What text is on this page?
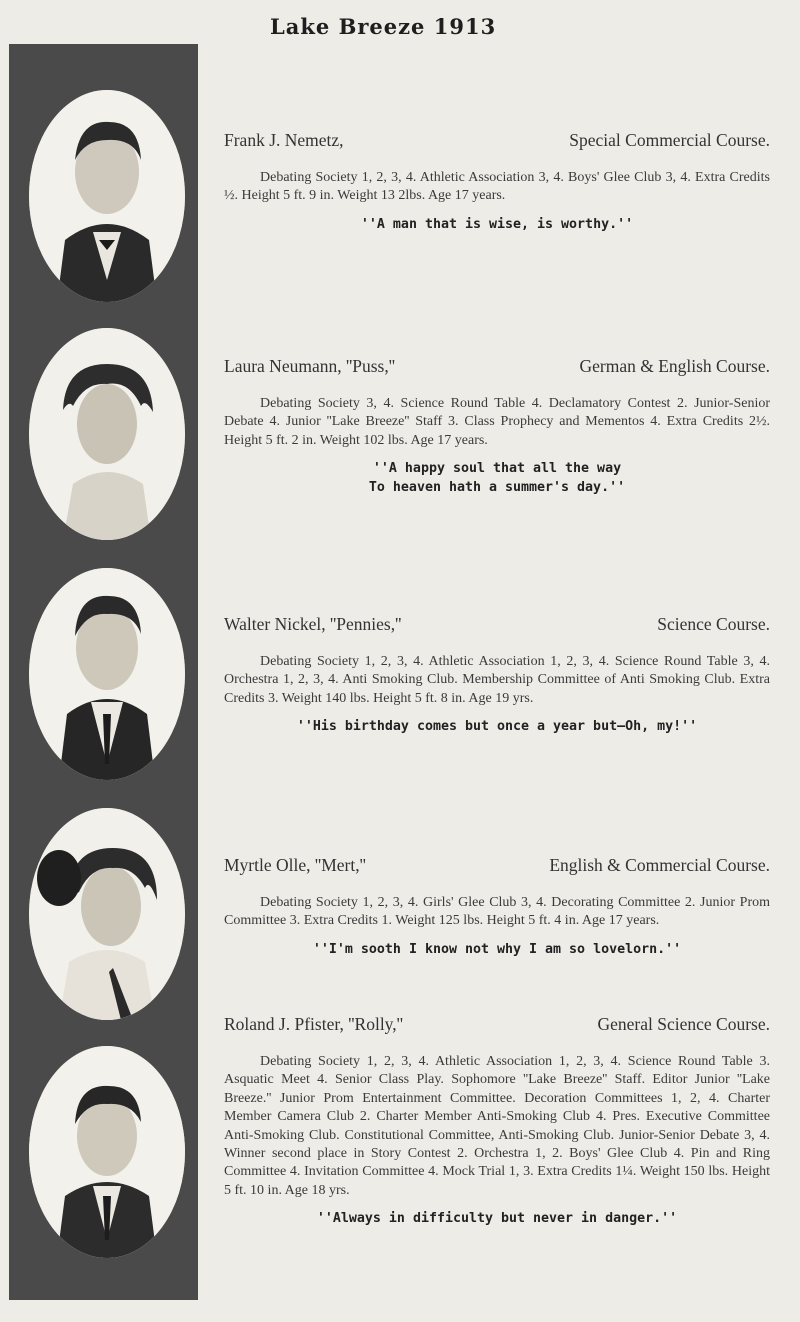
Lake Breeze 1913
Frank J. Nemetz,	Special Commercial Course.
Debating Society 1, 2, 3, 4. Athletic Association 3, 4. Boys' Glee Club 3, 4. Extra Credits ½. Height 5 ft. 9 in. Weight 13 2lbs. Age 17 years.
''A man that is wise, is worthy.''
Laura Neumann, ''Puss,''	German & English Course.
Debating Society 3, 4. Science Round Table 4. Declamatory Contest 2. Junior-Senior Debate 4. Junior ''Lake Breeze'' Staff 3. Class Prophecy and Mementos 4. Extra Credits 2½. Height 5 ft. 2 in. Weight 102 lbs. Age 17 years.
''A happy soul that all the way
To heaven hath a summer's day.''
Walter Nickel, ''Pennies,''	Science Course.
Debating Society 1, 2, 3, 4. Athletic Association 1, 2, 3, 4. Science Round Table 3, 4. Orchestra 1, 2, 3, 4. Anti Smoking Club. Membership Committee of Anti Smoking Club. Extra Credits 3. Weight 140 lbs. Height 5 ft. 8 in. Age 19 yrs.
''His birthday comes but once a year but—Oh, my!''
Myrtle Olle, ''Mert,''	English & Commercial Course.
Debating Society 1, 2, 3, 4. Girls' Glee Club 3, 4. Decorating Committee 2. Junior Prom Committee 3. Extra Credits 1. Weight 125 lbs. Height 5 ft. 4 in. Age 17 years.
''I'm sooth I know not why I am so lovelorn.''
Roland J. Pfister, ''Rolly,''	General Science Course.
Debating Society 1, 2, 3, 4. Athletic Association 1, 2, 3, 4. Science Round Table 3. Asquatic Meet 4. Senior Class Play. Sophomore ''Lake Breeze'' Staff. Editor Junior ''Lake Breeze.'' Junior Prom Entertainment Committee. Decoration Committees 1, 2, 4. Charter Member Camera Club 2. Charter Member Anti-Smoking Club 4. Pres. Executive Committee Anti-Smoking Club. Constitutional Committee, Anti-Smoking Club. Junior-Senior Debate 3, 4. Winner second place in Story Contest 2. Orchestra 1, 2. Boys' Glee Club 4. Pin and Ring Committee 4. Invitation Committee 4. Mock Trial 1, 3. Extra Credits 1¼. Weight 150 lbs. Height 5 ft. 10 in. Age 18 yrs.
''Always in difficulty but never in danger.''
